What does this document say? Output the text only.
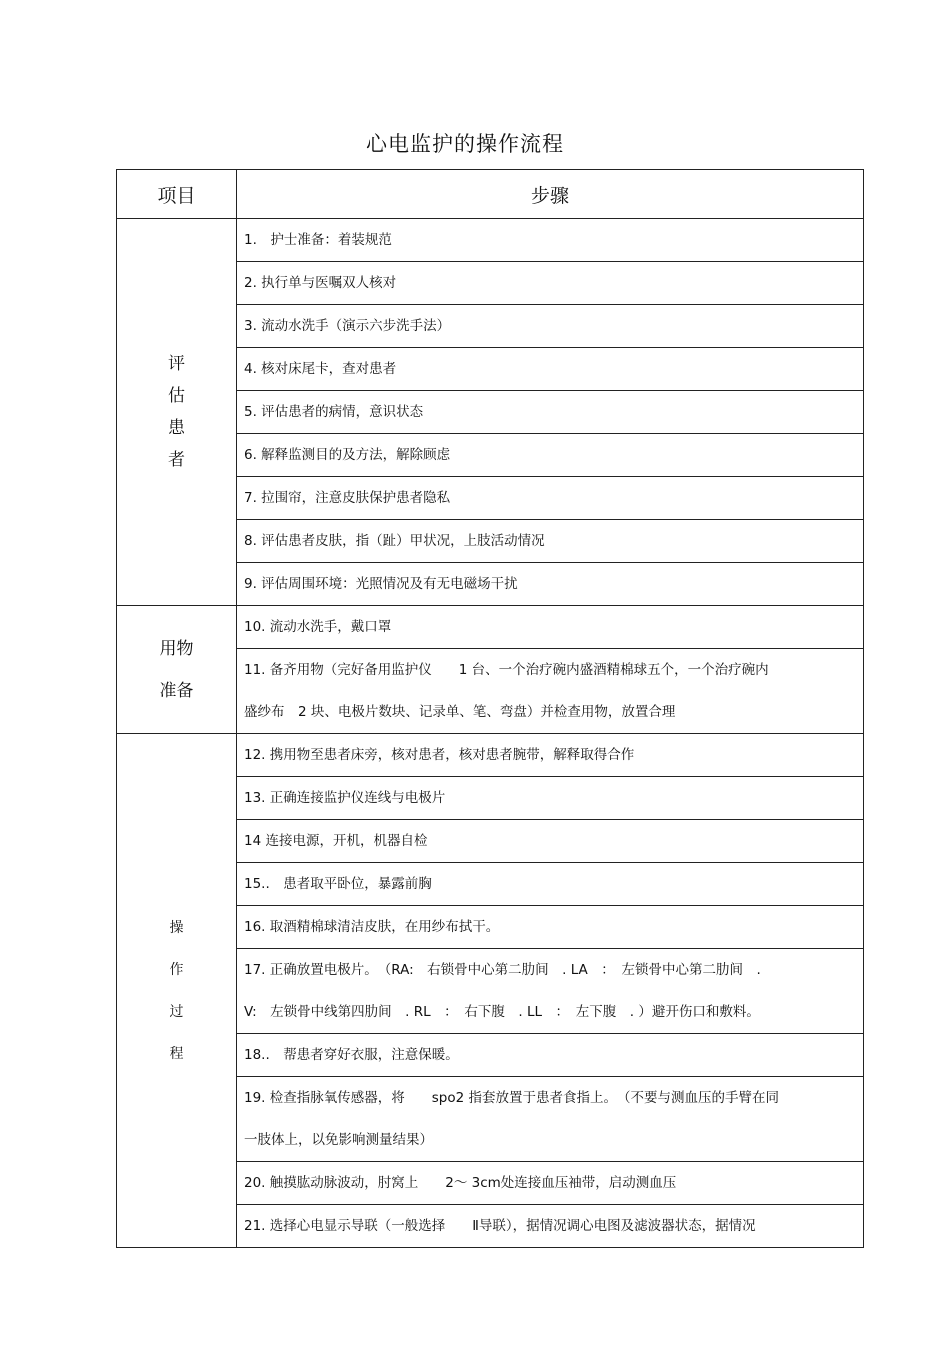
心电监护的操作流程
项目	步骤

评
估
患
者	1.　护士准备：着装规范

	2. 执行单与医嘱双人核对

	3. 流动水洗手（演示六步洗手法）

	4. 核对床尾卡，查对患者

	5. 评估患者的病情，意识状态

	6. 解释监测目的及方法，解除顾虑

	7. 拉围帘，注意皮肤保护患者隐私

	8. 评估患者皮肤，指（趾）甲状况，上肢活动情况

	9. 评估周围环境：光照情况及有无电磁场干扰

用物
准备	10. 流动水洗手，戴口罩

	11. 备齐用物（完好备用监护仪　　1 台、一个治疗碗内盛酒精棉球五个，一个治疗碗内
盛纱布　2 块、电极片数块、记录单、笔、弯盘）并检查用物，放置合理

操
作
过
程	12. 携用物至患者床旁，核对患者，核对患者腕带，解释取得合作

	13. 正确连接监护仪连线与电极片

	14 连接电源，开机，机器自检

	15..　患者取平卧位，暴露前胸

	16. 取酒精棉球清洁皮肤，在用纱布拭干。

	17. 正确放置电极片。　（RA:　右锁骨中心第二肋间　. LA　：　左锁骨中心第二肋间　.
V:　左锁骨中线第四肋间　. RL　：　右下腹　. LL　：　左下腹　. ）避开伤口和敷料。

	18..　帮患者穿好衣服，注意保暖。

	19. 检查指脉氧传感器，将　　spo2 指套放置于患者食指上。　（不要与测血压的手臂在同
一肢体上，以免影响测量结果）

	20. 触摸肱动脉波动，肘窝上　　2～ 3cm处连接血压袖带，启动测血压

	21. 选择心电显示导联（一般选择　　Ⅱ导联），据情况调心电图及滤波器状态，据情况
